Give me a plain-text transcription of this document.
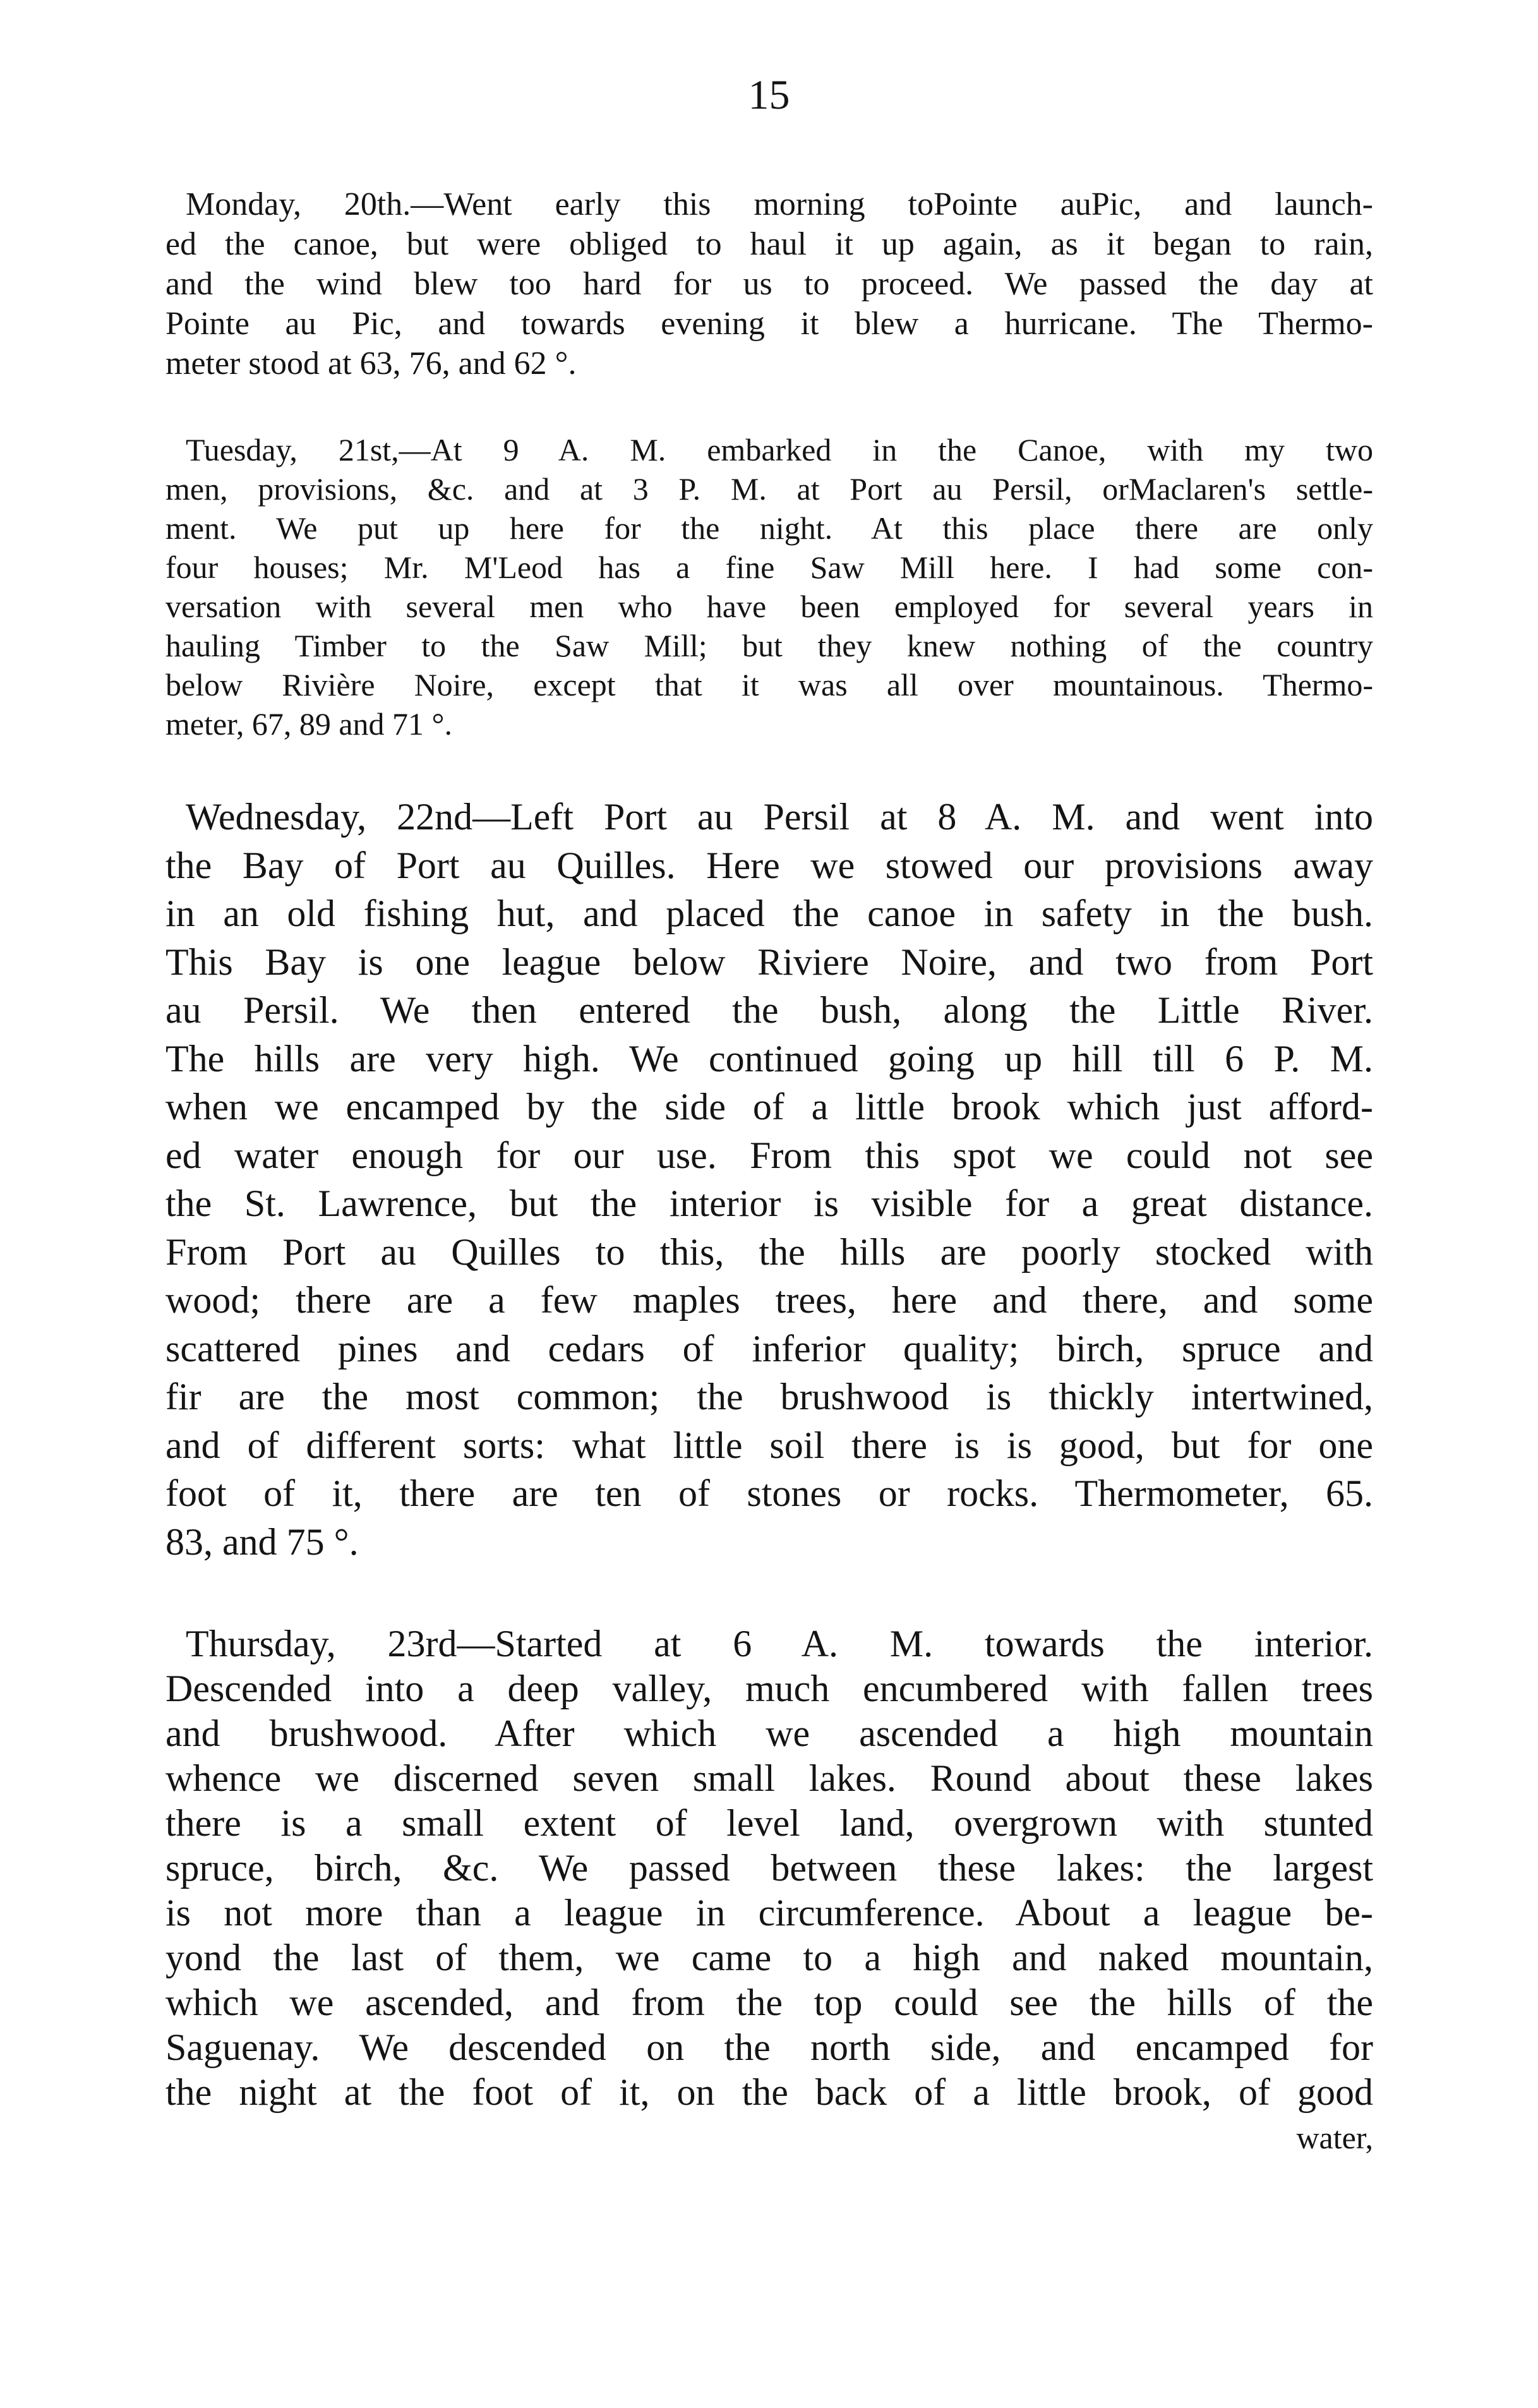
15
Monday, 20th.—Went early this morning toPointe auPic, and launch-
ed the canoe, but were obliged to haul it up again, as it began to rain,
and the wind blew too hard for us to proceed. We passed the day at
Pointe au Pic, and towards evening it blew a hurricane. The Thermo-
meter stood at 63, 76, and 62 °.
Tuesday, 21st,—At 9 A. M. embarked in the Canoe, with my two
men, provisions, &c. and at 3 P. M. at Port au Persil, orMaclaren's settle-
ment. We put up here for the night. At this place there are only
four houses; Mr. M'Leod has a fine Saw Mill here. I had some con-
versation with several men who have been employed for several years in
hauling Timber to the Saw Mill; but they knew nothing of the country
below Rivière Noire, except that it was all over mountainous. Thermo-
meter, 67, 89 and 71 °.
Wednesday, 22nd—Left Port au Persil at 8 A. M. and went into
the Bay of Port au Quilles. Here we stowed our provisions away
in an old fishing hut, and placed the canoe in safety in the bush.
This Bay is one league below Riviere Noire, and two from Port
au Persil. We then entered the bush, along the Little River.
The hills are very high. We continued going up hill till 6 P. M.
when we encamped by the side of a little brook which just afford-
ed water enough for our use. From this spot we could not see
the St. Lawrence, but the interior is visible for a great distance.
From Port au Quilles to this, the hills are poorly stocked with
wood; there are a few maples trees, here and there, and some
scattered pines and cedars of inferior quality; birch, spruce and
fir are the most common; the brushwood is thickly intertwined,
and of different sorts: what little soil there is is good, but for one
foot of it, there are ten of stones or rocks. Thermometer, 65.
83, and 75 °.
Thursday, 23rd—Started at 6 A. M. towards the interior.
Descended into a deep valley, much encumbered with fallen trees
and brushwood. After which we ascended a high mountain
whence we discerned seven small lakes. Round about these lakes
there is a small extent of level land, overgrown with stunted
spruce, birch, &c. We passed between these lakes: the largest
is not more than a league in circumference. About a league be-
yond the last of them, we came to a high and naked mountain,
which we ascended, and from the top could see the hills of the
Saguenay. We descended on the north side, and encamped for
the night at the foot of it, on the back of a little brook, of good
water,
